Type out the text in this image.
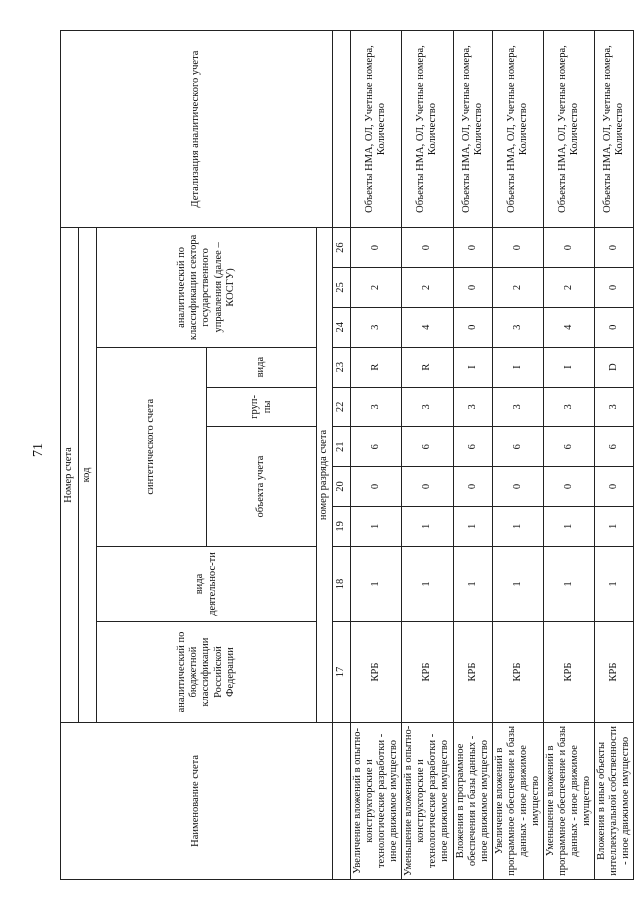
71
Наименование счета	Номер счета										Детализация аналитического учета
	код										
	аналитический по бюджетной классификации Российской Федерации	вида деятельнос-ти	синтетического счета					аналитический по классификации сектора государственного управления (далее – КОСГУ)			
			объекта учета			груп-пы	вида				
	номер разряда счета										
	17	18	19	20	21	22	23	24	25	26	
Увеличение вложений в опытно-конструкторские и технологические разработки - иное движимое имущество	КРБ	1	1	0	6	3	R	3	2	0	Объекты НМА, ОЛ, Учетные номера, Количество
Уменьшение вложений в опытно-конструкторские и технологические разработки - иное движимое имущество	КРБ	1	1	0	6	3	R	4	2	0	Объекты НМА, ОЛ, Учетные номера, Количество
Вложения в программное обеспечения и базы данных - иное движимое имущество	КРБ	1	1	0	6	3	I	0	0	0	Объекты НМА, ОЛ, Учетные номера, Количество
Увеличение вложений в программное обеспечение и базы данных - иное движимое имущество	КРБ	1	1	0	6	3	I	3	2	0	Объекты НМА, ОЛ, Учетные номера, Количество
Уменьшение вложений в программное обеспечение и базы данных - иное движимое имущество	КРБ	1	1	0	6	3	I	4	2	0	Объекты НМА, ОЛ, Учетные номера, Количество
Вложения в иные объекты интеллектуальной собственности - иное движимое имущество	КРБ	1	1	0	6	3	D	0	0	0	Объекты НМА, ОЛ, Учетные номера, Количество
